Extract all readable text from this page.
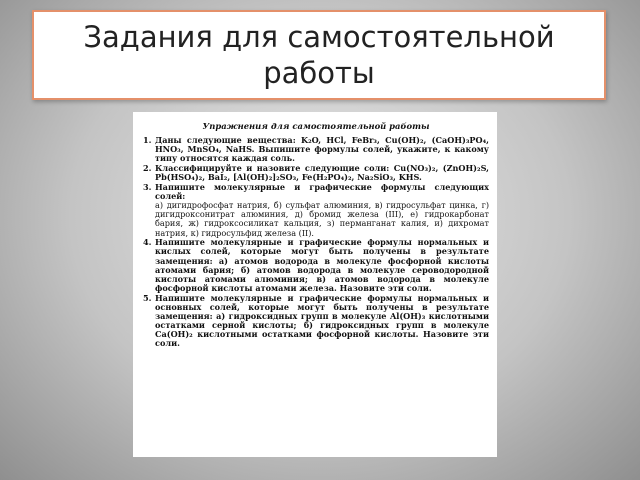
Задания для самостоятельной работы
Упражнения для самостоятельной работы
1. Даны следующие вещества: K₂O, HCl, FeBr₃, Cu(OH)₂, (CaOH)₃PO₄, HNO₃, MnSO₄, NaHS. Выпишите формулы солей, укажите, к какому типу относятся каждая соль.
2. Классифицируйте и назовите следующие соли: Cu(NO₃)₂, (ZnOH)₂S, Pb(HSO₄)₂, BaI₂, [Al(OH)₂]₂SO₃, Fe(H₂PO₄)₂, Na₂SiO₃, KHS.
3. Напишите молекулярные и графические формулы следующих солей:
а) дигидрофосфат натрия, б) сульфат алюминия, в) гидросульфат цинка, г) дигидроксонитрат алюминия, д) бромид железа (III), е) гидрокарбонат бария, ж) гидроксосиликат кальция, з) перманганат калия, и) дихромат натрия, к) гидросульфид железа (II).
4. Напишите молекулярные и графические формулы нормальных и кислых солей, которые могут быть получены в результате замещения: а) атомов водорода в молекуле фосфорной кислоты атомами бария; б) атомов водорода в молекуле сероводородной кислоты атомами алюминия; в) атомов водорода в молекуле фосфорной кислоты атомами железа. Назовите эти соли.
5. Напишите молекулярные и графические формулы нормальных и основных солей, которые могут быть получены в результате замещения: а) гидроксидных групп в молекуле Al(OH)₃ кислотными остатками серной кислоты; б) гидроксидных групп в молекуле Ca(OH)₂ кислотными остатками фосфорной кислоты. Назовите эти соли.
